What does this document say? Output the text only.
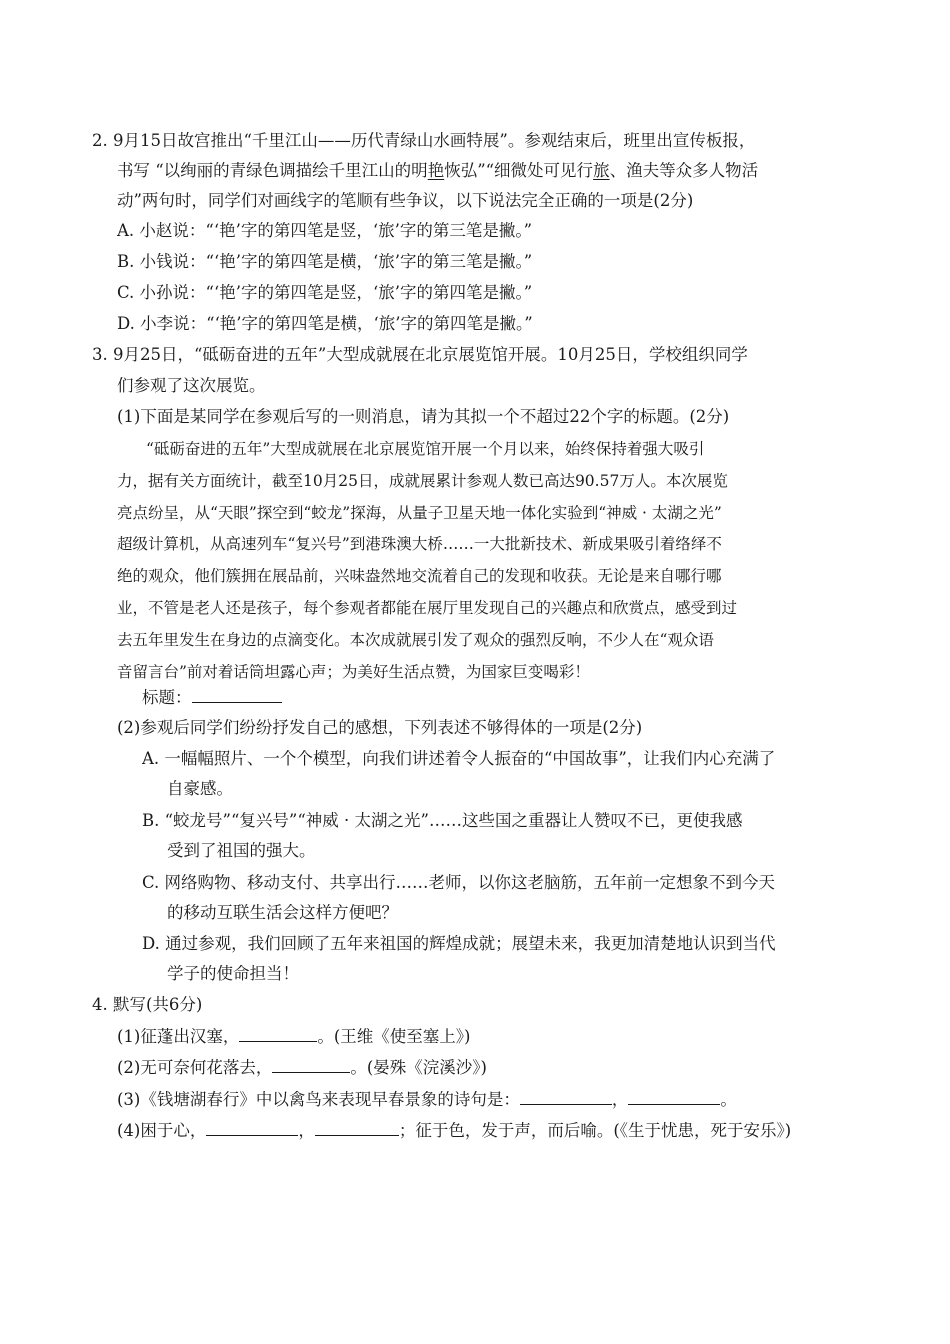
2. 9月15日故宫推出“千里江山——历代青绿山水画特展”。参观结束后，班里出宣传板报，
书写 “以绚丽的青绿色调描绘千里江山的明艳恢弘”“细微处可见行旅、渔夫等众多人物活
动”两句时，同学们对画线字的笔顺有些争议，以下说法完全正确的一项是(2分)
A. 小赵说：“‘艳’字的第四笔是竖，‘旅’字的第三笔是撇。”
B. 小钱说：“‘艳’字的第四笔是横，‘旅’字的第三笔是撇。”
C. 小孙说：“‘艳’字的第四笔是竖，‘旅’字的第四笔是撇。”
D. 小李说：“‘艳’字的第四笔是横，‘旅’字的第四笔是撇。”
3. 9月25日，“砥砺奋进的五年”大型成就展在北京展览馆开展。10月25日，学校组织同学
们参观了这次展览。
(1)下面是某同学在参观后写的一则消息，请为其拟一个不超过22个字的标题。(2分)
“砥砺奋进的五年”大型成就展在北京展览馆开展一个月以来，始终保持着强大吸引
力，据有关方面统计，截至10月25日，成就展累计参观人数已高达90.57万人。本次展览
亮点纷呈，从“天眼”探空到“蛟龙”探海，从量子卫星天地一体化实验到“神威 · 太湖之光”
超级计算机，从高速列车“复兴号”到港珠澳大桥……一大批新技术、新成果吸引着络绎不
绝的观众，他们簇拥在展品前，兴味盎然地交流着自己的发现和收获。无论是来自哪行哪
业，不管是老人还是孩子，每个参观者都能在展厅里发现自己的兴趣点和欣赏点，感受到过
去五年里发生在身边的点滴变化。本次成就展引发了观众的强烈反响，不少人在“观众语
音留言台”前对着话筒坦露心声；为美好生活点赞，为国家巨变喝彩！
标题：
(2)参观后同学们纷纷抒发自己的感想，下列表述不够得体的一项是(2分)
A. 一幅幅照片、一个个模型，向我们讲述着令人振奋的“中国故事”，让我们内心充满了
自豪感。
B. “蛟龙号”“复兴号”“神威 · 太湖之光”……这些国之重器让人赞叹不已，更使我感
受到了祖国的强大。
C. 网络购物、移动支付、共享出行……老师，以你这老脑筋，五年前一定想象不到今天
的移动互联生活会这样方便吧？
D. 通过参观，我们回顾了五年来祖国的辉煌成就；展望未来，我更加清楚地认识到当代
学子的使命担当！
4. 默写(共6分)
(1)征蓬出汉塞，	。(王维《使至塞上》)
(2)无可奈何花落去，	。(晏殊《浣溪沙》)
(3)《钱塘湖春行》中以禽鸟来表现早春景象的诗句是：	，	。
(4)困于心，	，	；征于色，发于声，而后喻。(《生于忧患，死于安乐》)
